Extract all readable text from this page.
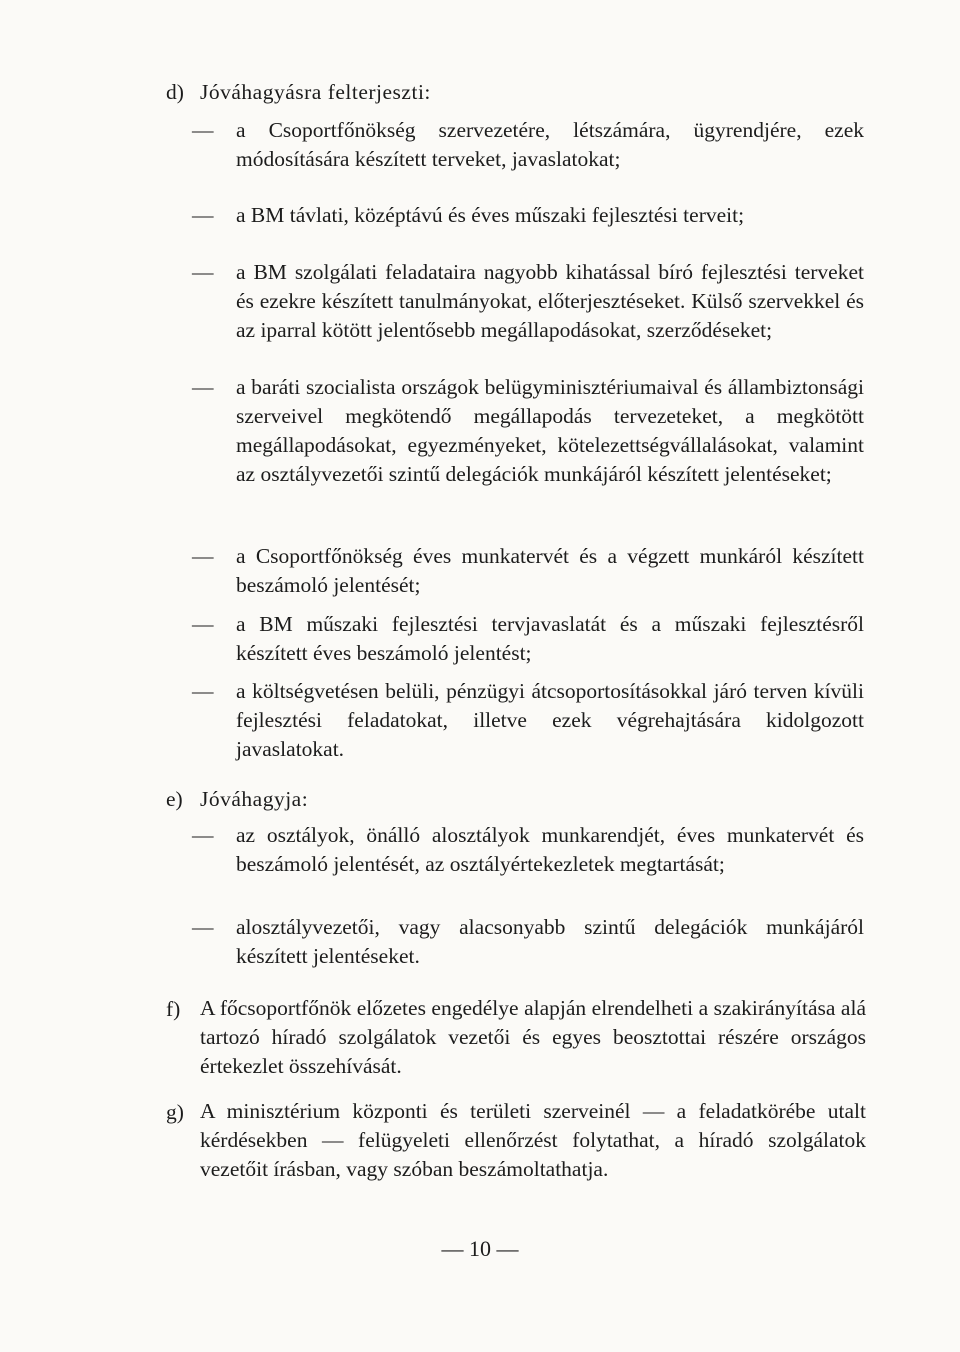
d) Jóváhagyásra felterjeszti:
—	a Csoportfőnökség szervezetére, létszámára, ügyrendjére, ezek módosítására készített terveket, javaslatokat;
—	a BM távlati, középtávú és éves műszaki fejlesztési terveit;
—	a BM szolgálati feladataira nagyobb kihatással bíró fejlesztési terveket és ezekre készített tanulmányokat, előterjesztéseket. Külső szervekkel és az iparral kötött jelentősebb megállapodásokat, szerződéseket;
—	a baráti szocialista országok belügyminisztériumaival és állambiztonsági szerveivel megkötendő megállapodás tervezeteket, a megkötött megállapodásokat, egyezményeket, kötelezettségvállalásokat, valamint az osztályvezetői szintű delegációk munkájáról készített jelentéseket;
—	a Csoportfőnökség éves munkatervét és a végzett munkáról készített beszámoló jelentését;
—	a BM műszaki fejlesztési tervjavaslatát és a műszaki fejlesztésről készített éves beszámoló jelentést;
—	a költségvetésen belüli, pénzügyi átcsoportosításokkal járó terven kívüli fejlesztési feladatokat, illetve ezek végrehajtására kidolgozott javaslatokat.
e) Jóváhagyja:
—	az osztályok, önálló alosztályok munkarendjét, éves munkatervét és beszámoló jelentését, az osztályértekezletek megtartását;
—	alosztályvezetői, vagy alacsonyabb szintű delegációk munkájáról készített jelentéseket.
f) A főcsoportfőnök előzetes engedélye alapján elrendelheti a szakirányítása alá tartozó híradó szolgálatok vezetői és egyes beosztottai részére országos értekezlet összehívását.
g) A minisztérium központi és területi szerveinél — a feladatkörébe utalt kérdésekben — felügyeleti ellenőrzést folytathat, a híradó szolgálatok vezetőit írásban, vagy szóban beszámoltathatja.
— 10 —
